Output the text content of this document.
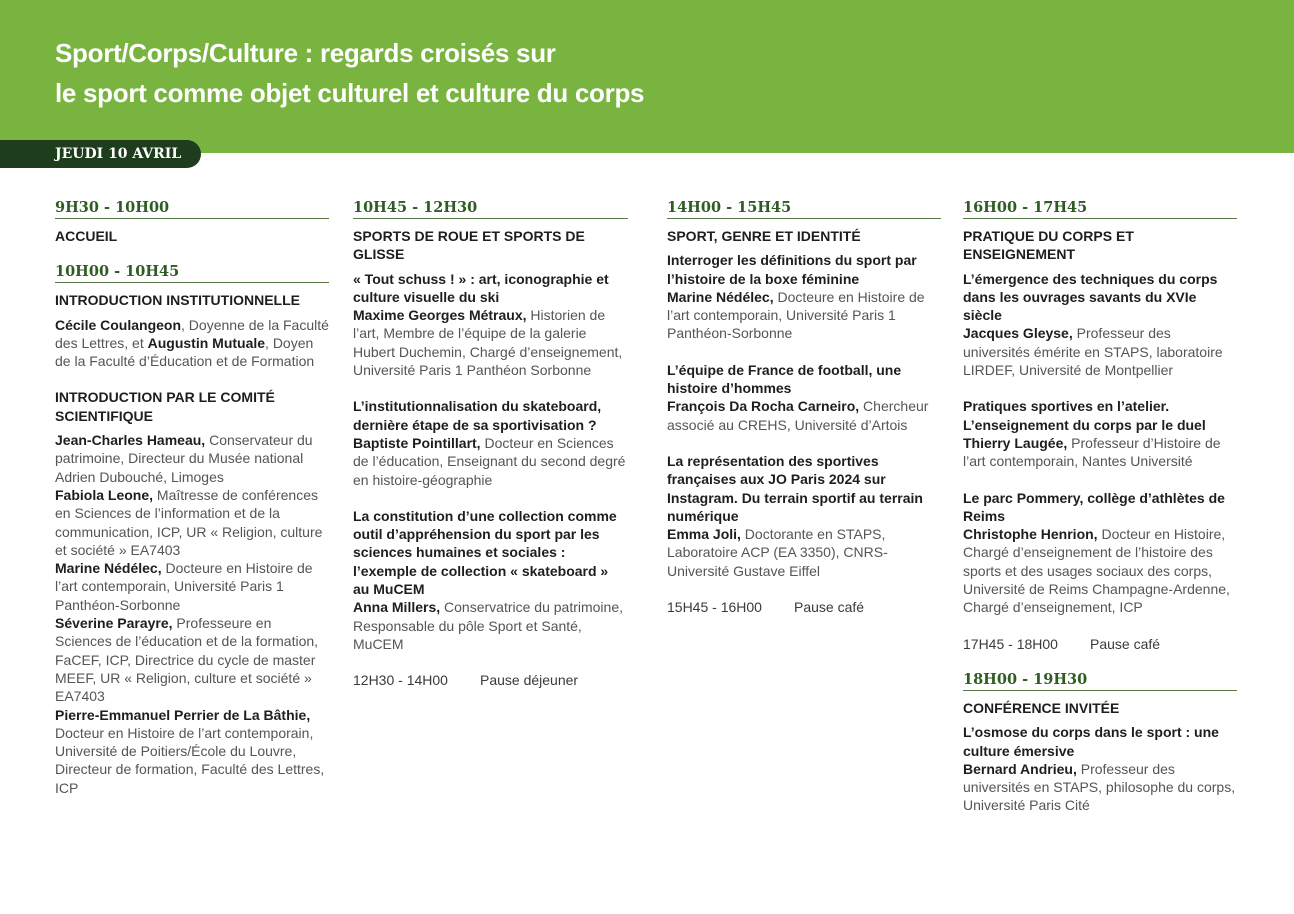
Sport/Corps/Culture : regards croisés sur
le sport comme objet culturel et culture du corps
JEUDI 10 AVRIL
9H30 - 10H00
ACCUEIL
10H00 - 10H45
INTRODUCTION INSTITUTIONNELLE
Cécile Coulangeon, Doyenne de la Faculté des Lettres, et Augustin Mutuale, Doyen de la Faculté d’Éducation et de Formation
INTRODUCTION PAR LE COMITÉ SCIENTIFIQUE
Jean-Charles Hameau, Conservateur du patrimoine, Directeur du Musée national Adrien Dubouché, Limoges
Fabiola Leone, Maîtresse de conférences en Sciences de l’information et de la communication, ICP, UR « Religion, culture et société » EA7403
Marine Nédélec, Docteure en Histoire de l’art contemporain, Université Paris 1 Panthéon-Sorbonne
Séverine Parayre, Professeure en Sciences de l’éducation et de la formation, FaCEF, ICP, Directrice du cycle de master MEEF, UR « Religion, culture et société » EA7403
Pierre-Emmanuel Perrier de La Bâthie, Docteur en Histoire de l’art contemporain, Université de Poitiers/École du Louvre, Directeur de formation, Faculté des Lettres, ICP
10H45 - 12H30
SPORTS DE ROUE ET SPORTS DE GLISSE
« Tout schuss ! » : art, iconographie et culture visuelle du ski
Maxime Georges Métraux, Historien de l’art, Membre de l’équipe de la galerie Hubert Duchemin, Chargé d’enseignement, Université Paris 1 Panthéon Sorbonne
L’institutionnalisation du skateboard, dernière étape de sa sportivisation ?
Baptiste Pointillart, Docteur en Sciences de l’éducation, Enseignant du second degré en histoire-géographie
La constitution d’une collection comme outil d’appréhension du sport par les sciences humaines et sociales : l’exemple de collection « skateboard » au MuCEM
Anna Millers, Conservatrice du patrimoine, Responsable du pôle Sport et Santé, MuCEM
12H30 - 14H00	Pause déjeuner
14H00 - 15H45
SPORT, GENRE ET IDENTITÉ
Interroger les définitions du sport par l’histoire de la boxe féminine
Marine Nédélec, Docteure en Histoire de l’art contemporain, Université Paris 1 Panthéon-Sorbonne
L’équipe de France de football, une histoire d’hommes
François Da Rocha Carneiro, Chercheur associé au CREHS, Université d’Artois
La représentation des sportives françaises aux JO Paris 2024 sur Instagram. Du terrain sportif au terrain numérique
Emma Joli, Doctorante en STAPS, Laboratoire ACP (EA 3350), CNRS-Université Gustave Eiffel
15H45 - 16H00	Pause café
16H00 - 17H45
PRATIQUE DU CORPS ET ENSEIGNEMENT
L’émergence des techniques du corps dans les ouvrages savants du XVIe siècle
Jacques Gleyse, Professeur des universités émérite en STAPS, laboratoire LIRDEF, Université de Montpellier
Pratiques sportives en l’atelier. L’enseignement du corps par le duel
Thierry Laugée, Professeur d’Histoire de l’art contemporain, Nantes Université
Le parc Pommery, collège d’athlètes de Reims
Christophe Henrion, Docteur en Histoire, Chargé d’enseignement de l’histoire des sports et des usages sociaux des corps, Université de Reims Champagne-Ardenne, Chargé d’enseignement, ICP
17H45 - 18H00	Pause café
18H00 - 19H30
CONFÉRENCE INVITÉE
L’osmose du corps dans le sport : une culture émersive
Bernard Andrieu, Professeur des universités en STAPS, philosophe du corps, Université Paris Cité
